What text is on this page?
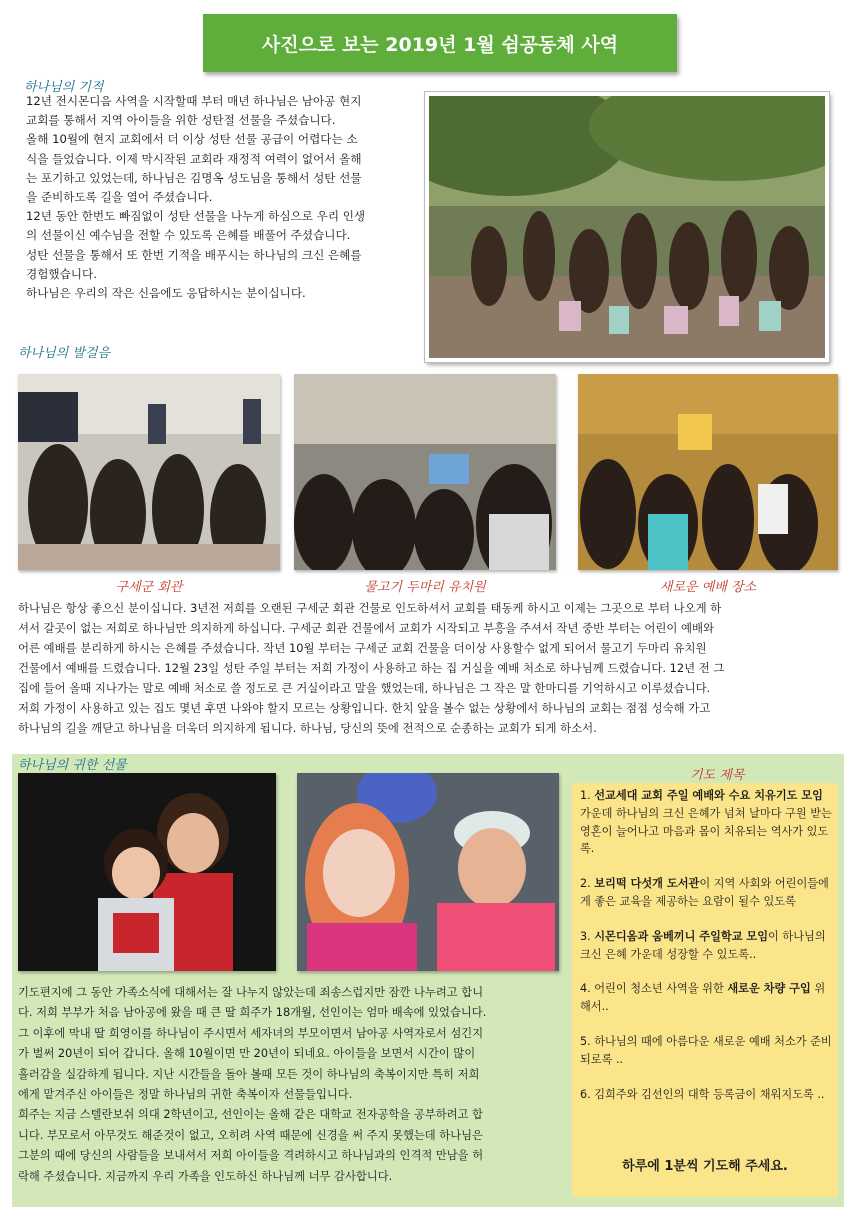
사진으로 보는 2019년 1월 쉼공동체 사역
하나님의 기적

12년 전시몬디음 사역을 시작할때 부터 매년 하나님은 남아공 현지

교회를 통해서 지역 아이들을 위한 성탄절 선물을 주셨습니다.

올해 10월에 현지 교회에서 더 이상 성탄 선물 공급이 어렵다는 소

식을 들었습니다. 이제 막시작된 교회라 재정적 여력이 없어서 올해

는 포기하고 있었는데, 하나님은 김명옥 성도님을 통해서 성탄 선물

을 준비하도록 길을 열어 주셨습니다.

12년 동안 한번도 빠짐없이 성탄 선물을 나누게 하심으로 우리 인생

의 선물이신 예수님을 전할 수 있도록 은혜를 배풀어 주셨습니다.

성탄 선물을 통해서 또 한번 기적을 배푸시는 하나님의 크신 은혜를

경험했습니다.

하나님은 우리의 작은 신음에도 응답하시는 분이십니다.

하나님의 발걸음
구세군 회관	물고기 두마리 유치원	새로운 예배 장소

하나님은 항상 좋으신 분이십니다. 3년전 저희를 오랜된 구세군 회관 건물로 인도하셔서 교회를 태동케 하시고 이제는 그곳으로 부터 나오게 하

셔서 갈곳이 없는 저희로 하나님만 의지하게 하십니다. 구세군 회관 건물에서 교회가 시작되고 부흥을 주셔서 작년 중반 부터는 어린이 예배와

어른 예배를 분리하게 하시는 은혜를 주셨습니다. 작년 10월 부터는 구세군 교회 건물을 더이상 사용할수 없게 되어서 물고기 두마리 유치원

건물에서 예배를 드렸습니다. 12월 23일 성탄 주일 부터는 저희 가정이 사용하고 하는 집 거실을 예배 처소로 하나님께 드렸습니다. 12년 전 그

집에 들어 올때 지나가는 말로 예배 처소로 쓸 정도로 큰 거실이라고 말을 했었는데, 하나님은 그 작은 말 한마디를 기억하시고 이루셨습니다.

저희 가정이 사용하고 있는 집도 몇년 후면 나와야 할지 모르는 상황입니다. 한치 앞을 볼수 없는 상황에서 하나님의 교회는 점점 성숙해 가고

하나님의 길을 깨닫고 하나님을 더욱더 의지하게 됩니다. 하나님, 당신의 뜻에 전적으로 순종하는 교회가 되게 하소서.

하나님의 귀한 선물

기도편지에 그 동안 가족소식에 대해서는 잘 나누지 않았는데 죄송스럽지만 잠깐 나누려고 합니

다. 저희 부부가 처음 남아공에 왔을 때 큰 딸 희주가 18개월, 선인이는 엄마 배속에 있었습니다.

그 이후에 막내 딸 희영이를 하나님이 주시면서 세자녀의 부모이면서 남아공 사역자로서 섬긴지

가 벌써 20년이 되어 갑니다. 올해 10월이면 만 20년이 되네요. 아이들을 보면서 시간이 많이

흘러감을 실감하게 됩니다. 지난 시간들을 돌아 볼때 모든 것이 하나님의 축복이지만 특히 저희

에게 맡겨주신 아이들은 정말 하나님의 귀한 축복이자 선물들입니다.

희주는 지금 스텔란보쉬 의대 2학년이고, 선인이는 올해 같은 대학교 전자공학을 공부하려고 합

니다. 부모로서 아무것도 해준것이 없고, 오히려 사역 때문에 신경을 써 주지 못했는데 하나님은

그분의 때에 당신의 사람들을 보내셔서 저희 아이들을 격려하시고 하나님과의 인격적 만남을 허

락해 주셨습니다. 지금까지 우리 가족을 인도하신 하나님께 너무 감사합니다.

기도 제목
1. 선교세대 교회 주일 예배와 수요 치유기도 모임 가운데 하나님의 크신 은혜가 넘쳐 날마다 구원 받는 영혼이 늘어나고 마음과 몸이 치유되는 역사가 있도록.
2. 보리떡 다섯개 도서관이 지역 사회와 어린이들에게 좋은 교육을 제공하는 요람이 될수 있도록
3. 시몬디옴과 움베끼니 주일학교 모임이 하나님의 크신 은혜 가운데 성장할 수 있도록..
4. 어린이 청소년 사역을 위한 새로운 차량 구입 위해서..
5. 하나님의 때에 아름다운 새로운 예배 처소가 준비 되로록 ..
6. 김희주와 김선인의 대학 등록금이 채워지도록 ..
하루에 1분씩 기도해 주세요.
